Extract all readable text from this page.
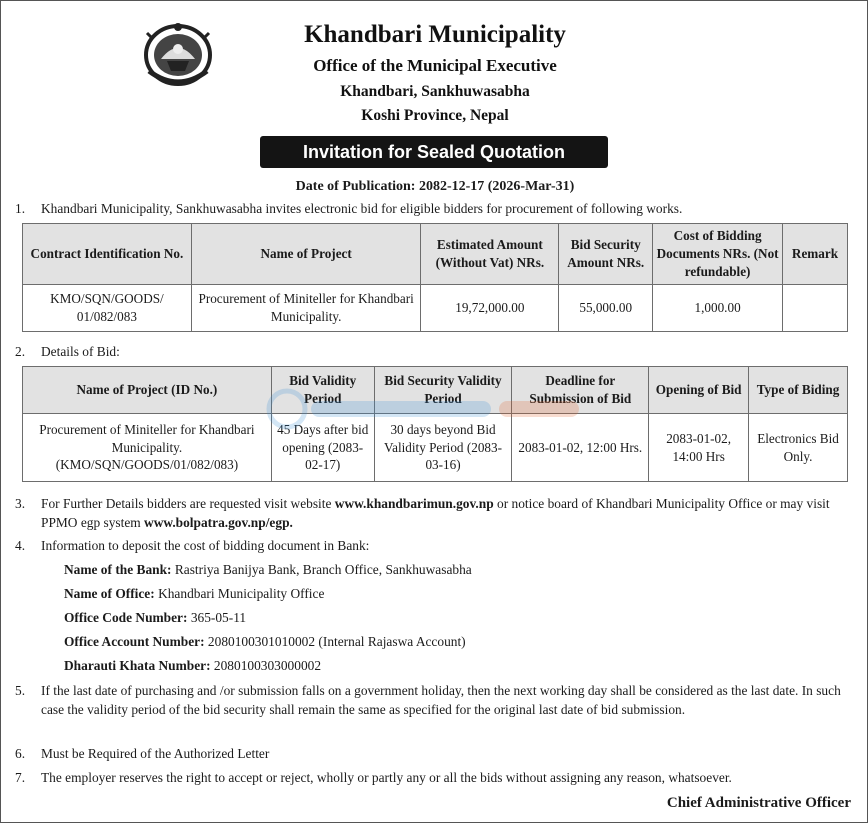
Khandbari Municipality
Office of the Municipal Executive
Khandbari, Sankhuwasabha
Koshi Province, Nepal
Invitation for Sealed Quotation
Date of Publication: 2082-12-17 (2026-Mar-31)
1. Khandbari Municipality, Sankhuwasabha invites electronic bid for eligible bidders for procurement of following works.
Contract Identification No.	Name of Project	Estimated Amount (Without Vat) NRs.	Bid Security Amount NRs.	Cost of Bidding Documents NRs. (Not refundable)	Remark
KMO/SQN/GOODS/ 01/082/083	Procurement of Miniteller for Khandbari Municipality.	19,72,000.00	55,000.00	1,000.00	
2. Details of Bid:
Name of Project (ID No.)	Bid Validity Period	Bid Security Validity Period	Deadline for Submission of Bid	Opening of Bid	Type of Biding
Procurement of Miniteller for Khandbari Municipality. (KMO/SQN/GOODS/01/082/083)	45 Days after bid opening (2083-02-17)	30 days beyond Bid Validity Period (2083-03-16)	2083-01-02, 12:00 Hrs.	2083-01-02, 14:00 Hrs	Electronics Bid Only.
3. For Further Details bidders are requested visit website www.khandbarimun.gov.np or notice board of Khandbari Municipality Office or may visit PPMO egp system www.bolpatra.gov.np/egp.
4. Information to deposit the cost of bidding document in Bank:
Name of the Bank: Rastriya Banijya Bank, Branch Office, Sankhuwasabha
Name of Office: Khandbari Municipality Office
Office Code Number: 365-05-11
Office Account Number: 2080100301010002 (Internal Rajaswa Account)
Dharauti Khata Number: 2080100303000002
5. If the last date of purchasing and /or submission falls on a government holiday, then the next working day shall be considered as the last date. In such case the validity period of the bid security shall remain the same as specified for the original last date of bid submission.
6. Must be Required of the Authorized Letter
7. The employer reserves the right to accept or reject, wholly or partly any or all the bids without assigning any reason, whatsoever.
Chief Administrative Officer
